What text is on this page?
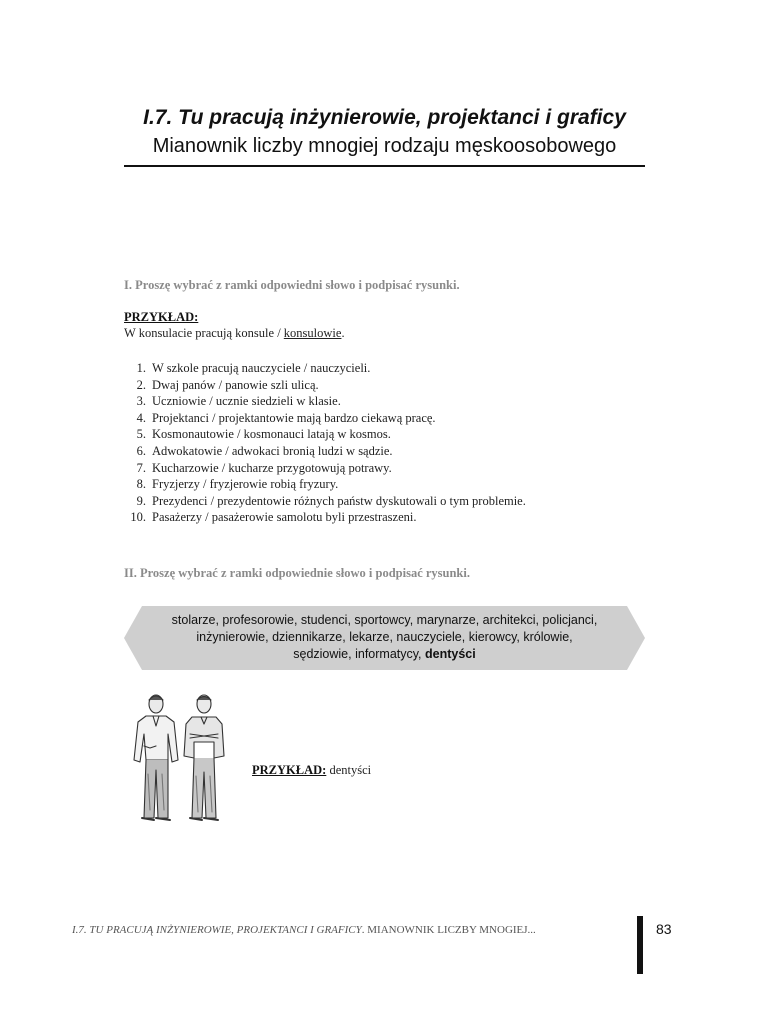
I.7. Tu pracują inżynierowie, projektanci i graficy
Mianownik liczby mnogiej rodzaju męskoosobowego
I. Proszę wybrać z ramki odpowiedni słowo i podpisać rysunki.
PRZYKŁAD:
W konsulacie pracują konsule / konsulowie.
1. W szkole pracują nauczyciele / nauczycieli.
2. Dwaj panów / panowie szli ulicą.
3. Uczniowie / ucznie siedzieli w klasie.
4. Projektanci / projektantowie mają bardzo ciekawą pracę.
5. Kosmonautowie / kosmonauci latają w kosmos.
6. Adwokatowie / adwokaci bronią ludzi w sądzie.
7. Kucharzowie / kucharze przygotowują potrawy.
8. Fryzjerzy / fryzjerowie robią fryzury.
9. Prezydenci / prezydentowie różnych państw dyskutowali o tym problemie.
10. Pasażerzy / pasażerowie samolotu byli przestraszeni.
II. Proszę wybrać z ramki odpowiednie słowo i podpisać rysunki.
stolarze, profesorowie, studenci, sportowcy, marynarze, architekci, policjanci,
inżynierowie, dziennikarze, lekarze, nauczyciele, kierowcy, królowie,
sędziowie, informatycy, dentyści
PRZYKŁAD: dentyści
I.7. TU PRACUJĄ INŻYNIEROWIE, PROJEKTANCI I GRAFICY. MIANOWNIK LICZBY MNOGIEJ...	83
